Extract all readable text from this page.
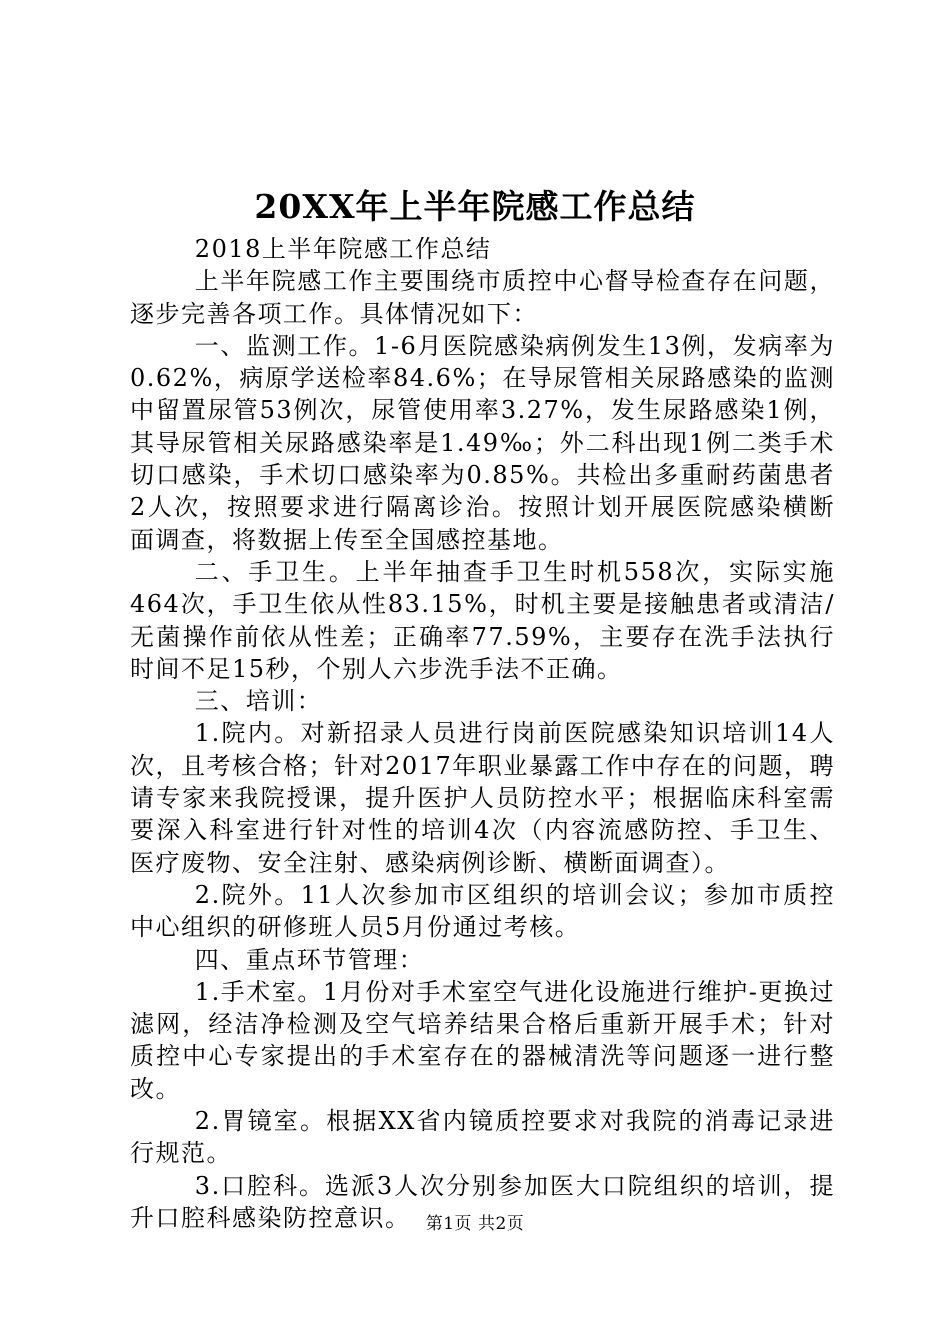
20XX年上半年院感工作总结

2018上半年院感工作总结

上半年院感工作主要围绕市质控中心督导检查存在问题，逐步完善各项工作。具体情况如下：

一、监测工作。1-6月医院感染病例发生13例，发病率为0.62%，病原学送检率84.6%；在导尿管相关尿路感染的监测中留置尿管53例次，尿管使用率3.27%，发生尿路感染1例，其导尿管相关尿路感染率是1.49‰；外二科出现1例二类手术切口感染，手术切口感染率为0.85%。共检出多重耐药菌患者2人次，按照要求进行隔离诊治。按照计划开展医院感染横断面调查，将数据上传至全国感控基地。

二、手卫生。上半年抽查手卫生时机558次，实际实施464次，手卫生依从性83.15%，时机主要是接触患者或清洁/无菌操作前依从性差；正确率77.59%，主要存在洗手法执行时间不足15秒，个别人六步洗手法不正确。

三、培训：

1.院内。对新招录人员进行岗前医院感染知识培训14人次，且考核合格；针对2017年职业暴露工作中存在的问题，聘请专家来我院授课，提升医护人员防控水平；根据临床科室需要深入科室进行针对性的培训4次（内容流感防控、手卫生、医疗废物、安全注射、感染病例诊断、横断面调查）。

2.院外。11人次参加市区组织的培训会议；参加市质控中心组织的研修班人员5月份通过考核。

四、重点环节管理：

1.手术室。1月份对手术室空气进化设施进行维护-更换过滤网，经洁净检测及空气培养结果合格后重新开展手术；针对质控中心专家提出的手术室存在的器械清洗等问题逐一进行整改。

2.胃镜室。根据XX省内镜质控要求对我院的消毒记录进行规范。

3.口腔科。选派3人次分别参加医大口院组织的培训，提升口腔科感染防控意识。 第1页 共2页
